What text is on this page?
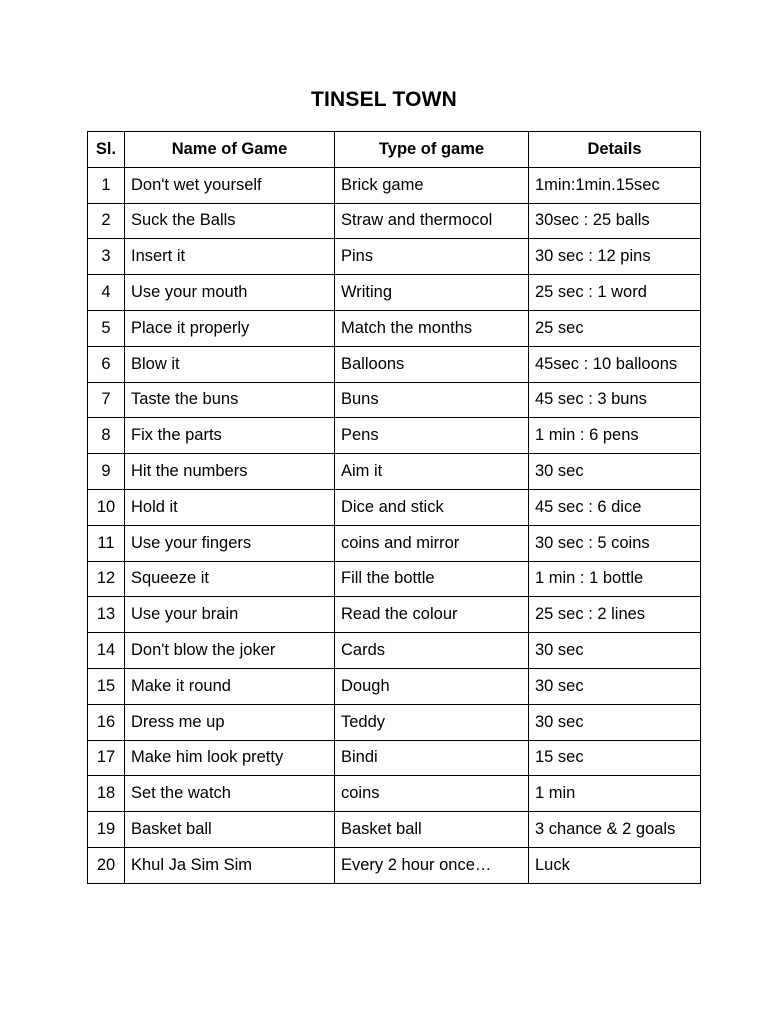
TINSEL TOWN
Sl.	Name of Game	Type of game	Details
1	Don't wet yourself	Brick game	1min:1min.15sec
2	Suck the Balls	Straw and thermocol	30sec : 25 balls
3	Insert it	Pins	30 sec : 12 pins
4	Use your mouth	Writing	25 sec : 1 word
5	Place it properly	Match the months	25 sec
6	Blow it	Balloons	45sec : 10 balloons
7	Taste the buns	Buns	45 sec : 3 buns
8	Fix the parts	Pens	1 min : 6 pens
9	Hit the numbers	Aim it	30 sec
10	Hold it	Dice and stick	45 sec : 6 dice
11	Use your fingers	coins and mirror	30 sec : 5 coins
12	Squeeze it	Fill the bottle	1 min : 1 bottle
13	Use your brain	Read the colour	25 sec : 2 lines
14	Don't blow the joker	Cards	30 sec
15	Make it round	Dough	30 sec
16	Dress me up	Teddy	30 sec
17	Make him look pretty	Bindi	15 sec
18	Set the watch	coins	1 min
19	Basket ball	Basket ball	3 chance & 2 goals
20	Khul Ja Sim Sim	Every 2 hour once…	Luck
